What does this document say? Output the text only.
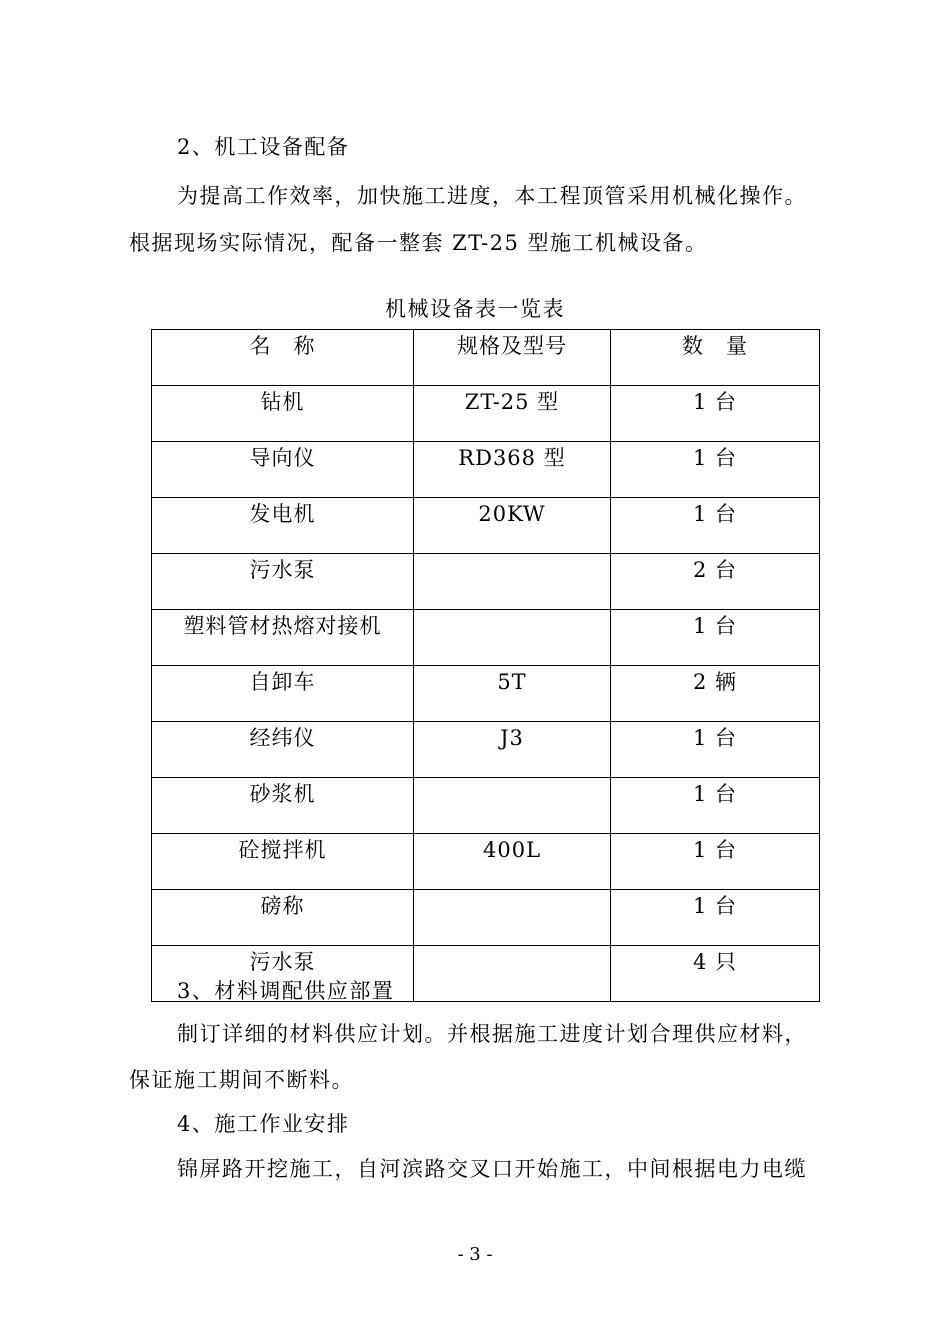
2、机工设备配备
为提高工作效率，加快施工进度，本工程顶管采用机械化操作。
根据现场实际情况，配备一整套 ZT-25 型施工机械设备。
机械设备表一览表
名　称	规格及型号	数　量
钻机	ZT-25 型	1 台
导向仪	RD368 型	1 台
发电机	20KW	1 台
污水泵		2 台
塑料管材热熔对接机		1 台
自卸车	5T	2 辆
经纬仪	J3	1 台
砂浆机		1 台
砼搅拌机	400L	1 台
磅称		1 台
污水泵		4 只
3、材料调配供应部置
制订详细的材料供应计划。并根据施工进度计划合理供应材料，
保证施工期间不断料。
4、施工作业安排
锦屏路开挖施工，自河滨路交叉口开始施工，中间根据电力电缆
- 3 -
